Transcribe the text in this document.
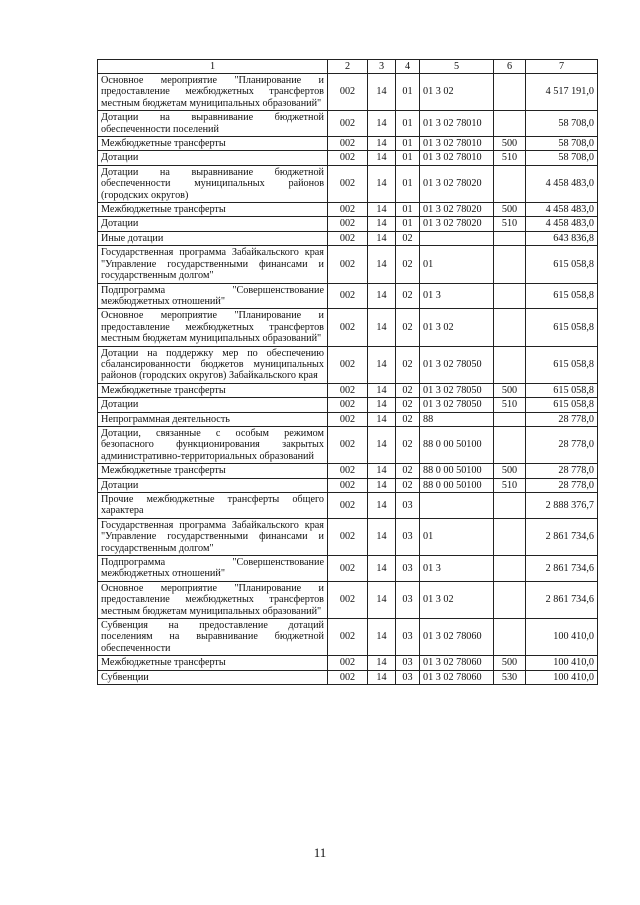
1	2	3	4	5	6	7
Основное мероприятие "Планирование и предоставление межбюджетных трансфертов местным бюджетам муниципальных образований"	002	14	01	01 3 02		4 517 191,0
Дотации на выравнивание бюджетной обеспеченности поселений	002	14	01	01 3 02 78010		58 708,0
Межбюджетные трансферты	002	14	01	01 3 02 78010	500	58 708,0
Дотации	002	14	01	01 3 02 78010	510	58 708,0
Дотации на выравнивание бюджетной обеспеченности муниципальных районов (городских округов)	002	14	01	01 3 02 78020		4 458 483,0
Межбюджетные трансферты	002	14	01	01 3 02 78020	500	4 458 483,0
Дотации	002	14	01	01 3 02 78020	510	4 458 483,0
Иные дотации	002	14	02			643 836,8
Государственная программа Забайкальского края "Управление государственными финансами и государственным долгом"	002	14	02	01		615 058,8
Подпрограмма "Совершенствование межбюджетных отношений"	002	14	02	01 3		615 058,8
Основное мероприятие "Планирование и предоставление межбюджетных трансфертов местным бюджетам муниципальных образований"	002	14	02	01 3 02		615 058,8
Дотации на поддержку мер по обеспечению сбалансированности бюджетов муниципальных районов (городских округов) Забайкальского края	002	14	02	01 3 02 78050		615 058,8
Межбюджетные трансферты	002	14	02	01 3 02 78050	500	615 058,8
Дотации	002	14	02	01 3 02 78050	510	615 058,8
Непрограммная деятельность	002	14	02	88		28 778,0
Дотации, связанные с особым режимом безопасного функционирования закрытых административно-территориальных образований	002	14	02	88 0 00 50100		28 778,0
Межбюджетные трансферты	002	14	02	88 0 00 50100	500	28 778,0
Дотации	002	14	02	88 0 00 50100	510	28 778,0
Прочие межбюджетные трансферты общего характера	002	14	03			2 888 376,7
Государственная программа Забайкальского края "Управление государственными финансами и государственным долгом"	002	14	03	01		2 861 734,6
Подпрограмма "Совершенствование межбюджетных отношений"	002	14	03	01 3		2 861 734,6
Основное мероприятие "Планирование и предоставление межбюджетных трансфертов местным бюджетам муниципальных образований"	002	14	03	01 3 02		2 861 734,6
Субвенция на предоставление дотаций поселениям на выравнивание бюджетной обеспеченности	002	14	03	01 3 02 78060		100 410,0
Межбюджетные трансферты	002	14	03	01 3 02 78060	500	100 410,0
Субвенции	002	14	03	01 3 02 78060	530	100 410,0
11
